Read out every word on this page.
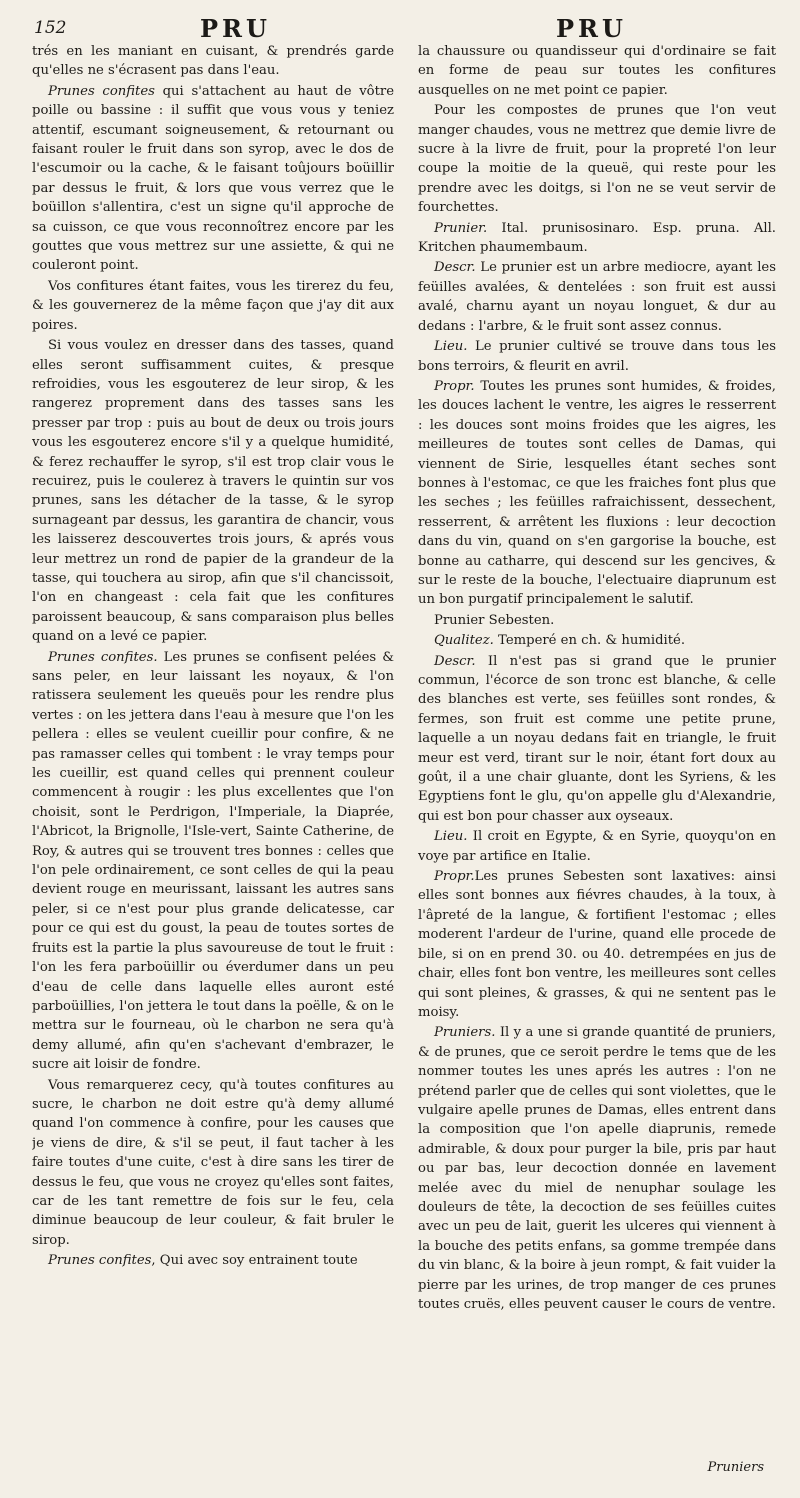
152	PRU	PRU

trés en les maniant en cuisant, & prendrés garde qu'elles ne s'écrasent pas dans l'eau.

Prunes confites qui s'attachent au haut de vôtre poille ou bassine : il suffit que vous vous y teniez attentif, escumant soigneusement, & retournant ou faisant rouler le fruit dans son syrop, avec le dos de l'escumoir ou la cache, & le faisant toûjours boüillir par dessus le fruit, & lors que vous verrez que le boüillon s'allentira, c'est un signe qu'il approche de sa cuisson, ce que vous reconnoîtrez encore par les gouttes que vous mettrez sur une assiette, & qui ne couleront point.

Vos confitures étant faites, vous les tirerez du feu, & les gouvernerez de la même façon que j'ay dit aux poires.

Si vous voulez en dresser dans des tasses, quand elles seront suffisamment cuites, & presque refroidies, vous les esgouterez de leur sirop, & les rangerez proprement dans des tasses sans les presser par trop : puis au bout de deux ou trois jours vous les esgouterez encore s'il y a quelque humidité, & ferez rechauffer le syrop, s'il est trop clair vous le recuirez, puis le coulerez à travers le quintin sur vos prunes, sans les détacher de la tasse, & le syrop surnageant par dessus, les garantira de chancir, vous les laisserez descouvertes trois jours, & aprés vous leur mettrez un rond de papier de la grandeur de la tasse, qui touchera au sirop, afin que s'il chancissoit, l'on en changeast : cela fait que les confitures paroissent beaucoup, & sans comparaison plus belles quand on a levé ce papier.

Prunes confites. Les prunes se confisent pelées & sans peler, en leur laissant les noyaux, & l'on ratissera seulement les queuës pour les rendre plus vertes : on les jettera dans l'eau à mesure que l'on les pellera : elles se veulent cueillir pour confire, & ne pas ramasser celles qui tombent : le vray temps pour les cueillir, est quand celles qui prennent couleur commencent à rougir : les plus excellentes que l'on choisit, sont le Perdrigon, l'Imperiale, la Diaprée, l'Abricot, la Brignolle, l'Isle-vert, Sainte Catherine, de Roy, & autres qui se trouvent tres bonnes : celles que l'on pele ordinairement, ce sont celles de qui la peau devient rouge en meurissant, laissant les autres sans peler, si ce n'est pour plus grande delicatesse, car pour ce qui est du goust, la peau de toutes sortes de fruits est la partie la plus savoureuse de tout le fruit : l'on les fera parboüillir ou éverdumer dans un peu d'eau de celle dans laquelle elles auront esté parboüillies, l'on jettera le tout dans la poëlle, & on le mettra sur le fourneau, où le charbon ne sera qu'à demy allumé, afin qu'en s'achevant d'embrazer, le sucre ait loisir de fondre.

Vous remarquerez cecy, qu'à toutes confitures au sucre, le charbon ne doit estre qu'à demy allumé quand l'on commence à confire, pour les causes que je viens de dire, & s'il se peut, il faut tacher à les faire toutes d'une cuite, c'est à dire sans les tirer de dessus le feu, que vous ne croyez qu'elles sont faites, car de les tant remettre de fois sur le feu, cela diminue beaucoup de leur couleur, & fait bruler le sirop.

Prunes confites, Qui avec soy entrainent toute

la chaussure ou quandisseur qui d'ordinaire se fait en forme de peau sur toutes les confitures ausquelles on ne met point ce papier.

Pour les compostes de prunes que l'on veut manger chaudes, vous ne mettrez que demie livre de sucre à la livre de fruit, pour la propreté l'on leur coupe la moitie de la queuë, qui reste pour les prendre avec les doitgs, si l'on ne se veut servir de fourchettes.

Prunier. Ital. prunisosinaro. Esp. pruna. All. Kritchen phaumembaum.

Descr. Le prunier est un arbre mediocre, ayant les feüilles avalées, & dentelées : son fruit est aussi avalé, charnu ayant un noyau longuet, & dur au dedans : l'arbre, & le fruit sont assez connus.

Lieu. Le prunier cultivé se trouve dans tous les bons terroirs, & fleurit en avril.

Propr. Toutes les prunes sont humides, & froides, les douces lachent le ventre, les aigres le resserrent : les douces sont moins froides que les aigres, les meilleures de toutes sont celles de Damas, qui viennent de Sirie, lesquelles étant seches sont bonnes à l'estomac, ce que les fraiches font plus que les seches ; les feüilles rafraichissent, dessechent, resserrent, & arrêtent les fluxions : leur decoction dans du vin, quand on s'en gargorise la bouche, est bonne au catharre, qui descend sur les gencives, & sur le reste de la bouche, l'electuaire diaprunum est un bon purgatif principalement le salutif.

Prunier Sebesten.

Qualitez. Temperé en ch. & humidité.

Descr. Il n'est pas si grand que le prunier commun, l'écorce de son tronc est blanche, & celle des blanches est verte, ses feüilles sont rondes, & fermes, son fruit est comme une petite prune, laquelle a un noyau dedans fait en triangle, le fruit meur est verd, tirant sur le noir, étant fort doux au goût, il a une chair gluante, dont les Syriens, & les Egyptiens font le glu, qu'on appelle glu d'Alexandrie, qui est bon pour chasser aux oyseaux.

Lieu. Il croit en Egypte, & en Syrie, quoyqu'on en voye par artifice en Italie.

Propr.Les prunes Sebesten sont laxatives: ainsi elles sont bonnes aux fiévres chaudes, à la toux, à l'âpreté de la langue, & fortifient l'estomac ; elles moderent l'ardeur de l'urine, quand elle procede de bile, si on en prend 30. ou 40. detrempées en jus de chair, elles font bon ventre, les meilleures sont celles qui sont pleines, & grasses, & qui ne sentent pas le moisy.

Pruniers. Il y a une si grande quantité de pruniers, & de prunes, que ce seroit perdre le tems que de les nommer toutes les unes aprés les autres : l'on ne prétend parler que de celles qui sont violettes, que le vulgaire apelle prunes de Damas, elles entrent dans la composition que l'on apelle diaprunis, remede admirable, & doux pour purger la bile, pris par haut ou par bas, leur decoction donnée en lavement melée avec du miel de nenuphar soulage les douleurs de tête, la decoction de ses feüilles cuites avec un peu de lait, guerit les ulceres qui viennent à la bouche des petits enfans, sa gomme trempée dans du vin blanc, & la boire à jeun rompt, & fait vuider la pierre par les urines, de trop manger de ces prunes toutes cruës, elles peuvent causer le cours de ventre.

Pruniers
